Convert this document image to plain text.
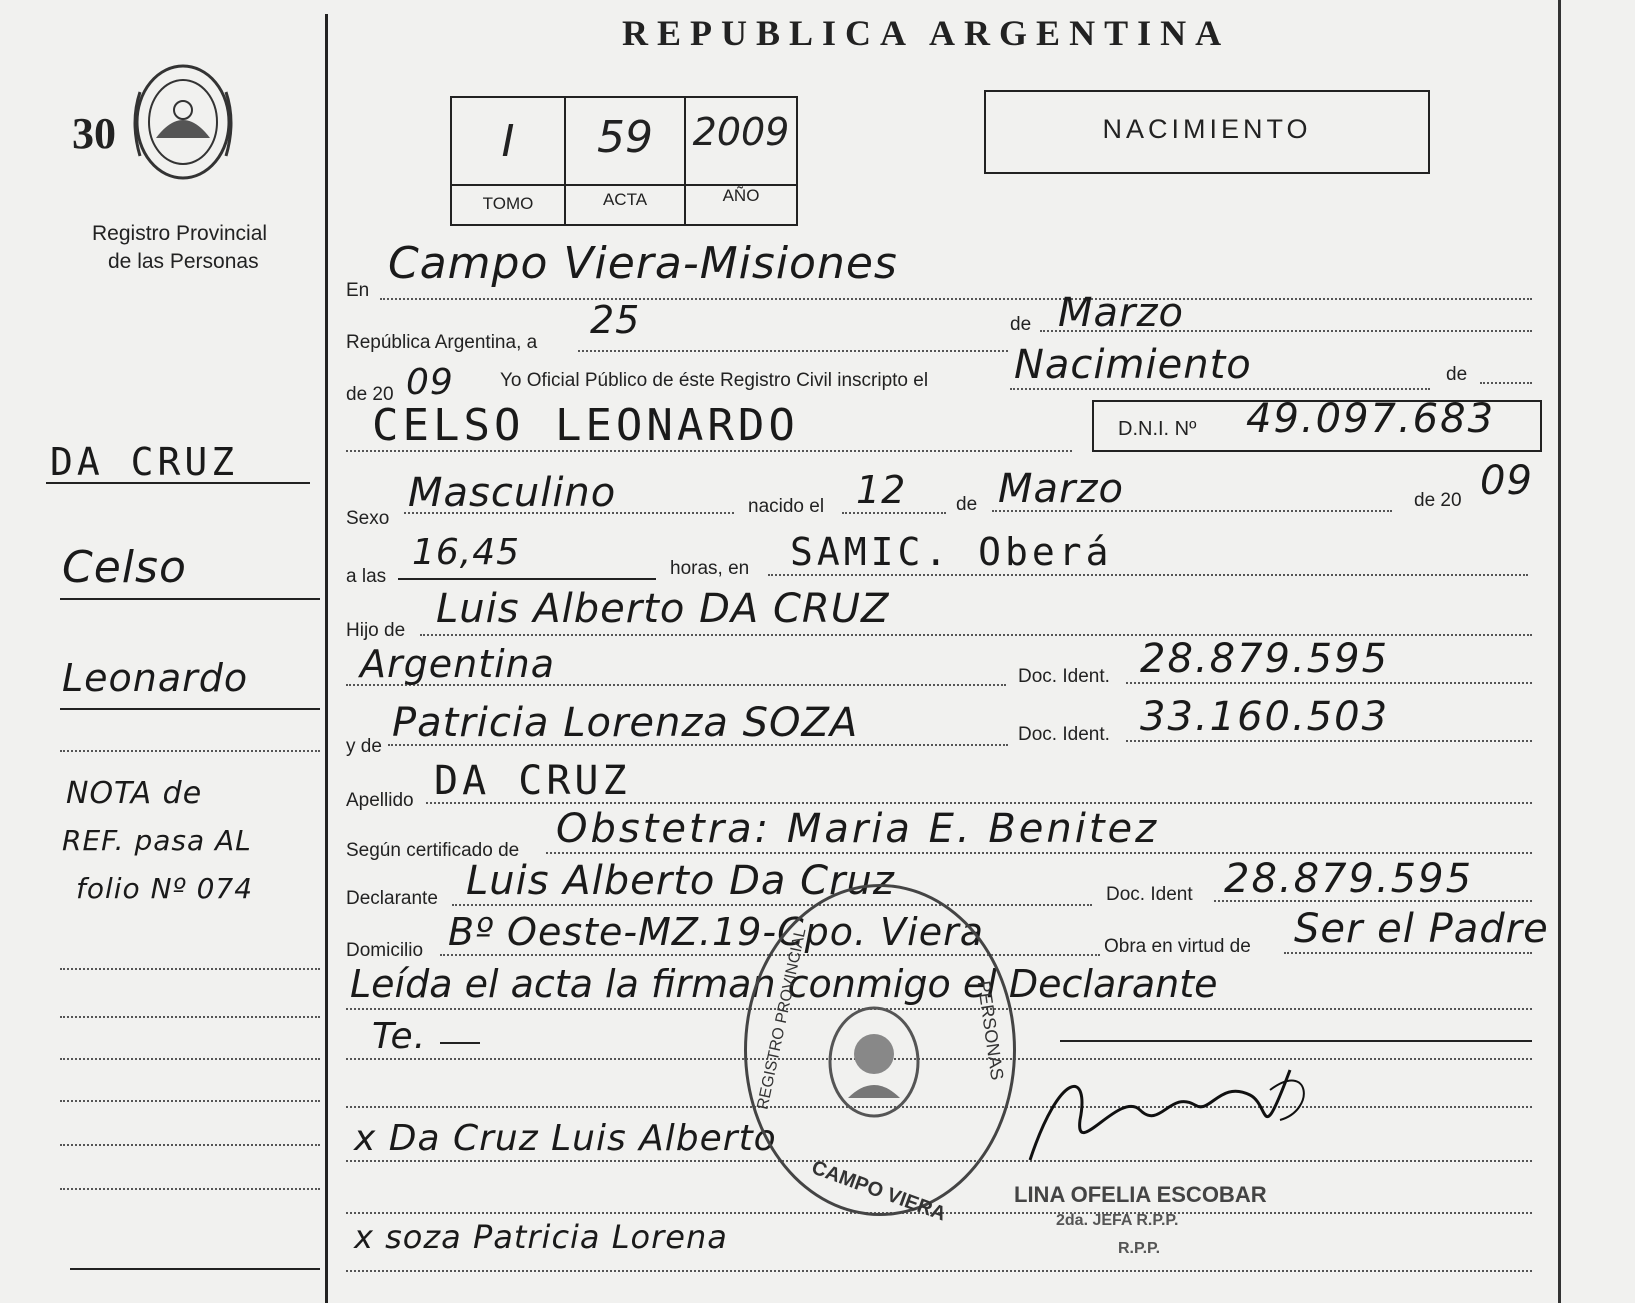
30
Registro Provincial
de las Personas
REPUBLICA ARGENTINA
I	59	2009
TOMO	ACTA	AÑO
NACIMIENTO
DA CRUZ
Celso
Leonardo
NOTA de
REF. pasa AL
folio Nº 074
En
Campo Viera-Misiones
República Argentina, a
25	de Marzo
de 20 09 Yo Oficial Público de éste Registro Civil inscripto el Nacimiento	de
CELSO LEONARDO	D.N.I. Nº 49.097.683
Sexo
Masculino	nacido el 12	de Marzo	de 20 09
a las
16,45	horas, en SAMIC. Oberá
Hijo de Luis Alberto DA CRUZ
Argentina	Doc. Ident. 28.879.595
y de
Patricia Lorenza SOZA	Doc. Ident. 33.160.503
Apellido DA CRUZ
Según certificado de Obstetra: Maria E. Benitez
Declarante Luis Alberto Da Cruz	Doc. Ident 28.879.595
Domicilio Bº Oeste-MZ.19-Cpo. Viera	Obra en virtud de Ser el Padre
Leída el acta la firman conmigo el Declarante
Te.
x Da Cruz Luis Alberto
x soza Patricia Lorena
REGISTRO PROVINCIAL	PERSONAS
CAMPO VIERA	LINA OFELIA ESCOBAR
2da. JEFA R.P.P.
R.P.P.
